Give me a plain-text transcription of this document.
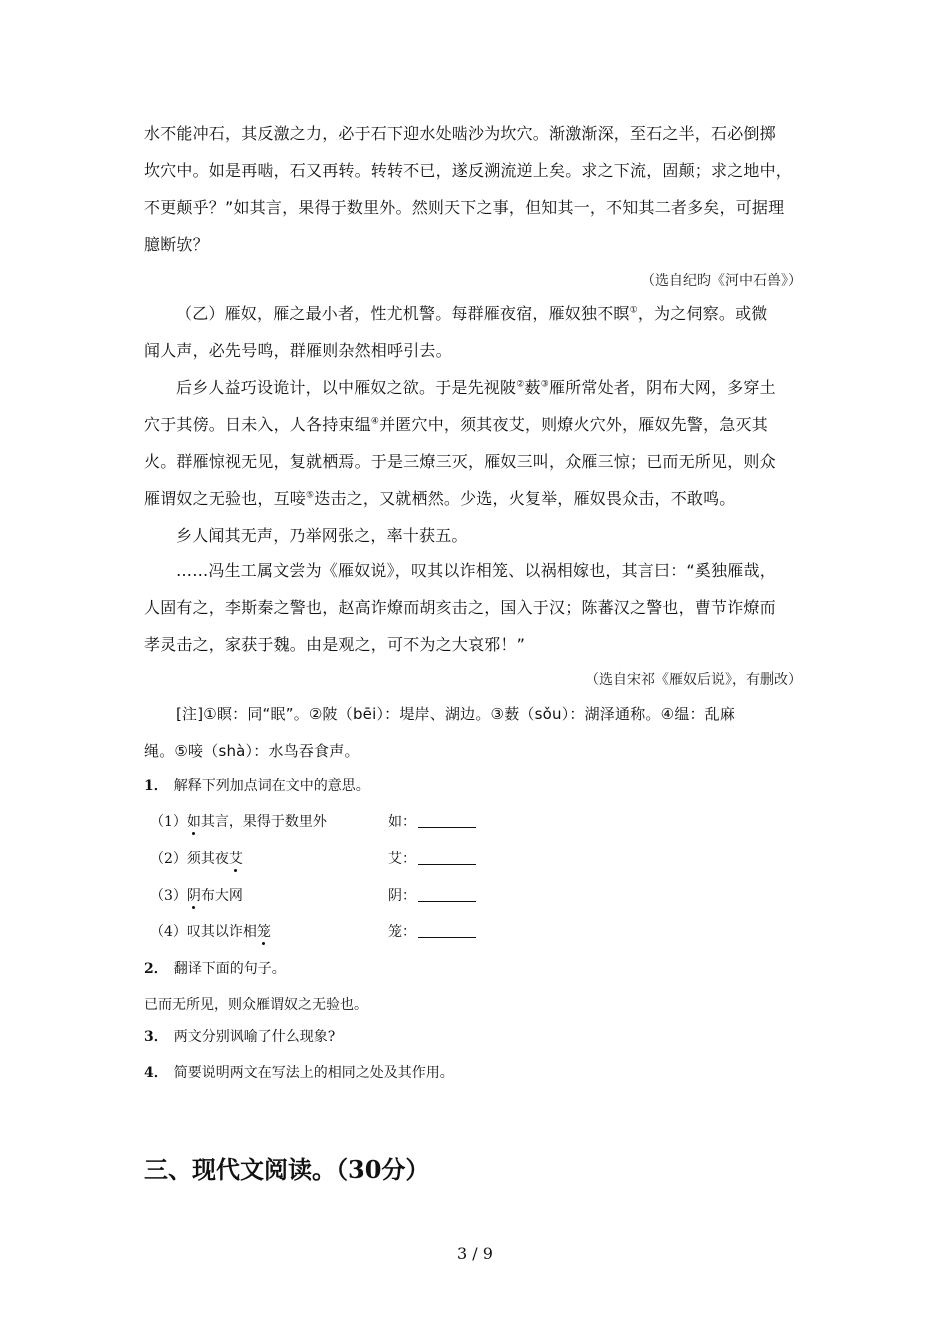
水不能冲石，其反激之力，必于石下迎水处啮沙为坎穴。渐激渐深，至石之半，石必倒掷
坎穴中。如是再啮，石又再转。转转不已，遂反溯流逆上矣。求之下流，固颠；求之地中，
不更颠乎？”如其言，果得于数里外。然则天下之事，但知其一，不知其二者多矣，可据理
臆断欤？
（选自纪昀《河中石兽》）
（乙）雁奴，雁之最小者，性尤机警。每群雁夜宿，雁奴独不瞑①，为之伺察。或微
闻人声，必先号鸣，群雁则杂然相呼引去。
后乡人益巧设诡计，以中雁奴之欲。于是先视陂②薮③雁所常处者，阴布大网，多穿土
穴于其傍。日未入，人各持束缊④并匿穴中，须其夜艾，则燎火穴外，雁奴先警，急灭其
火。群雁惊视无见，复就栖焉。于是三燎三灭，雁奴三叫，众雁三惊；已而无所见，则众
雁谓奴之无验也，互唼⑤迭击之，又就栖然。少选，火复举，雁奴畏众击，不敢鸣。
乡人闻其无声，乃举网张之，率十获五。
……冯生工属文尝为《雁奴说》，叹其以诈相笼、以祸相嫁也，其言曰：“奚独雁哉，
人固有之，李斯秦之警也，赵高诈燎而胡亥击之，国入于汉；陈蕃汉之警也，曹节诈燎而
孝灵击之，家获于魏。由是观之，可不为之大哀邪！”
（选自宋祁《雁奴后说》，有删改）
[注]①瞑：同“眠”。②陂（bēi）：堤岸、湖边。③薮（sǒu）：湖泽通称。④缊：乱麻
绳。⑤唼（shà）：水鸟吞食声。
1． 解释下列加点词在文中的意思。
（1）如其言，果得于数里外	如：
（2）须其夜艾	艾：
（3）阴布大网	阴：
（4）叹其以诈相笼	笼：
2． 翻译下面的句子。
已而无所见，则众雁谓奴之无验也。
3． 两文分别讽喻了什么现象?
4． 简要说明两文在写法上的相同之处及其作用。
三、现代文阅读。（30分）
3 / 9
